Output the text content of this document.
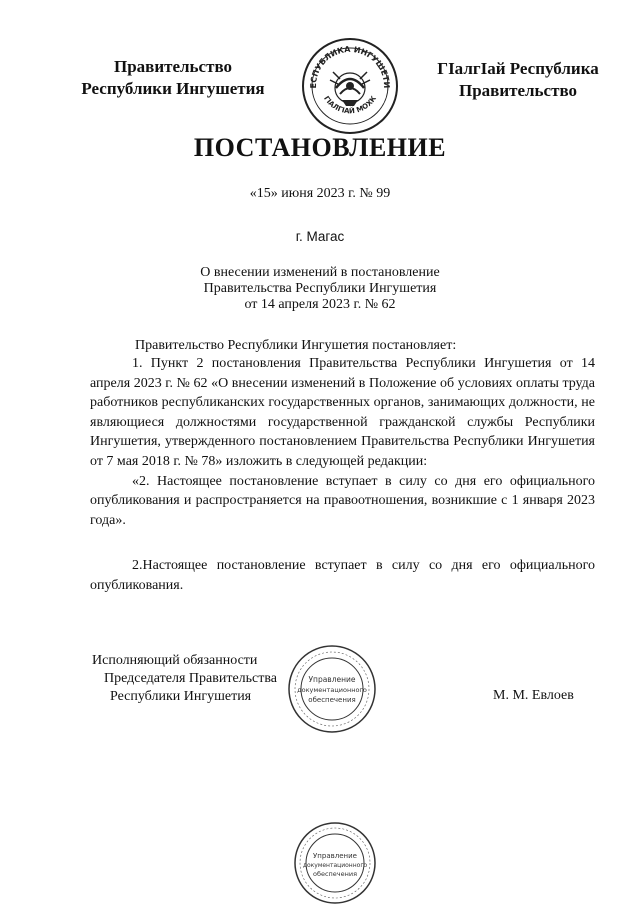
Правительство
Республики Ингушетия	ЕСПУБЛИКА ИНГУШЕТИ
ГIАЛГIАЙ МОХК
ГIалгIай Республика
Правительство
ПОСТАНОВЛЕНИЕ
«15» июня 2023 г. № 99
г. Магас
О внесении изменений в постановление
Правительства Республики Ингушетия
от 14 апреля 2023 г. № 62
Правительство Республики Ингушетия постановляет:
1. Пункт 2 постановления Правительства Республики Ингушетия от 14 апреля 2023 г. № 62 «О внесении изменений в Положение об условиях оплаты труда работников республиканских государственных органов, занимающих должности, не являющиеся должностями государственной гражданской службы Республики Ингушетия, утвержденного постановлением Правительства Республики Ингушетия от 7 мая 2018 г. № 78» изложить в следующей редакции:
«2. Настоящее постановление вступает в силу со дня его официального опубликования и распространяется на правоотношения, возникшие с 1 января 2023 года».
2.Настоящее постановление вступает в силу со дня его официального опубликования.
Управление
документационного
обеспечения
Исполняющий обязанности
Председателя Правительства
Республики Ингушетия	М. М. Евлоев
Управление
документационного
обеспечения
